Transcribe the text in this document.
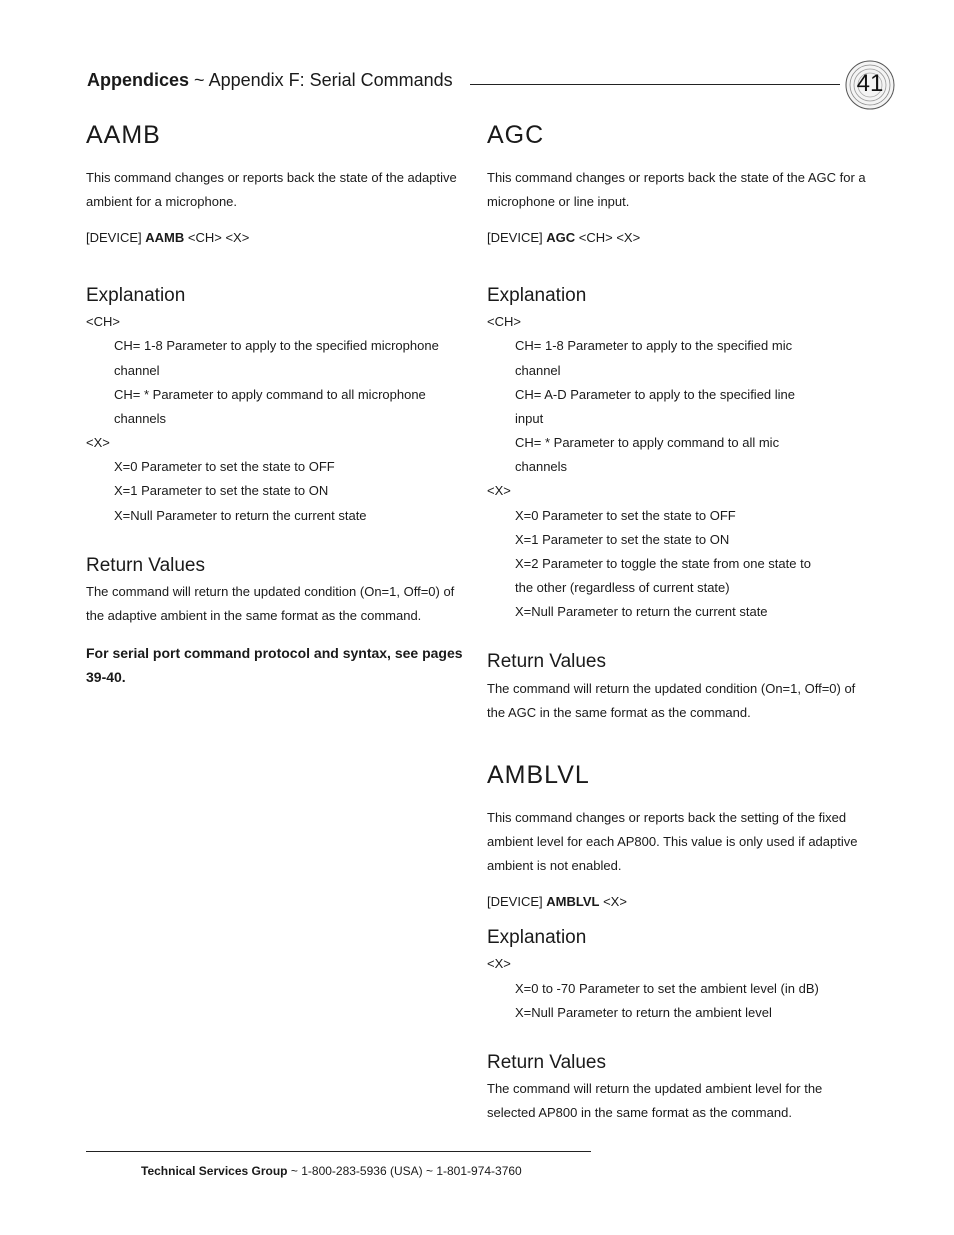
Appendices ~ Appendix F: Serial Commands	41
AAMB

This command changes or reports back the state of the adaptive ambient for a microphone.

[DEVICE] AAMB <CH> <X>
Explanation
<CH>
CH= 1-8 Parameter to apply to the specified microphone
channel
CH= * Parameter to apply command to all microphone
channels
<X>
X=0 Parameter to set the state to OFF
X=1 Parameter to set the state to ON
X=Null Parameter to return the current state
Return Values

The command will return the updated condition (On=1, Off=0) of the adaptive ambient in the same format as the command.

For serial port command protocol and syntax, see pages 39-40.

AGC

This command changes or reports back the state of the AGC for a microphone or line input.

[DEVICE] AGC <CH> <X>
Explanation
<CH>
CH= 1-8 Parameter to apply to the specified mic
channel
CH= A-D Parameter to apply to the specified line
input
CH= * Parameter to apply command to all mic
channels
<X>
X=0 Parameter to set the state to OFF
X=1 Parameter to set the state to ON
X=2 Parameter to toggle the state from one state to
the other (regardless of current state)
X=Null Parameter to return the current state
Return Values

The command will return the updated condition (On=1, Off=0) of the AGC in the same format as the command.

AMBLVL

This command changes or reports back the setting of the fixed ambient level for each AP800. This value is only used if adaptive ambient is not enabled.

[DEVICE] AMBLVL <X>
Explanation
<X>
X=0 to -70 Parameter to set the ambient level (in dB)
X=Null Parameter to return the ambient level
Return Values

The command will return the updated ambient level for the selected AP800 in the same format as the command.

Technical Services Group ~ 1-800-283-5936 (USA) ~ 1-801-974-3760
